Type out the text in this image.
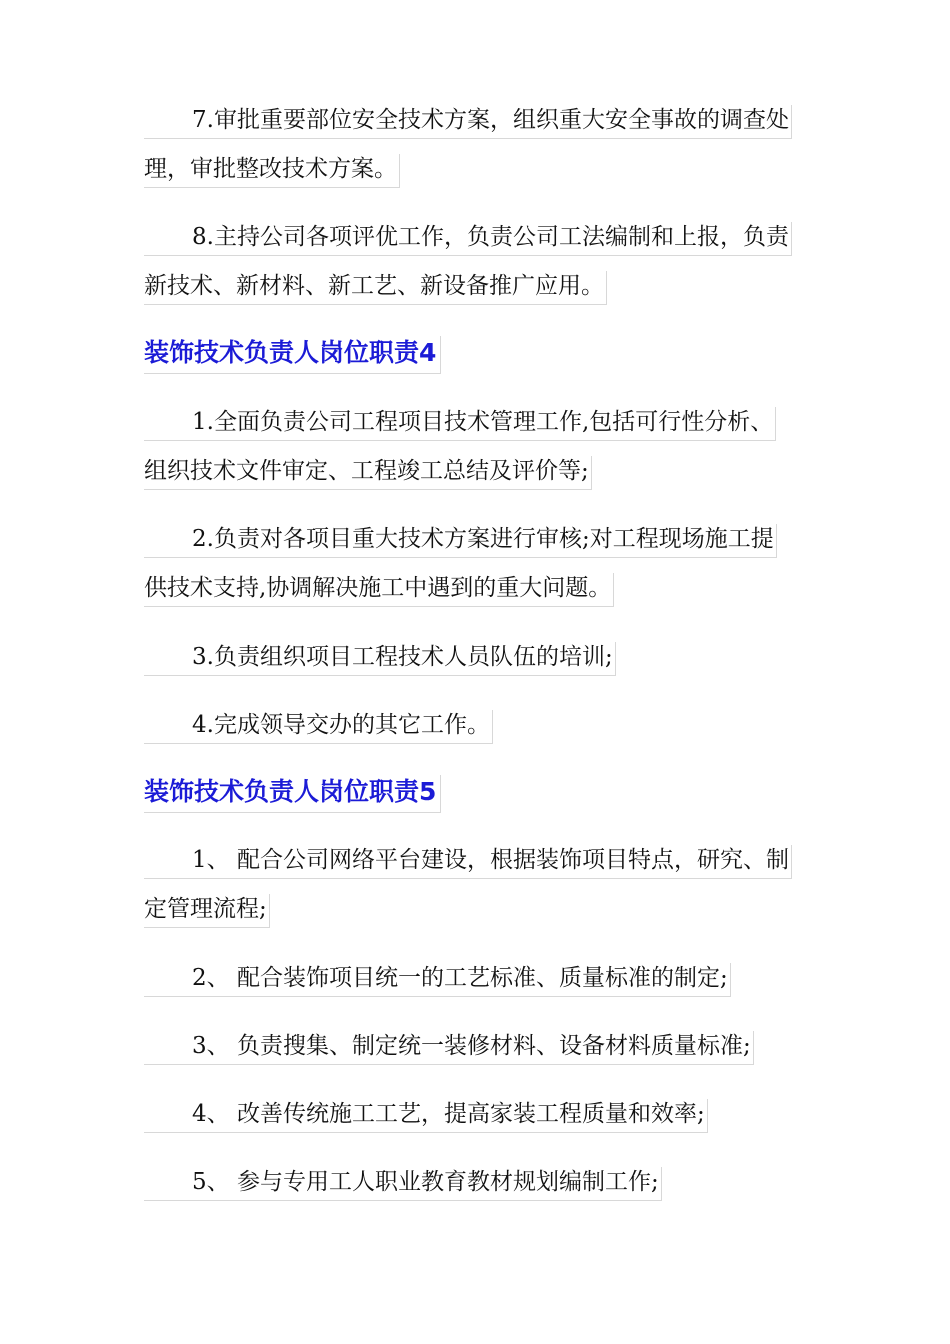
7.审批重要部位安全技术方案，组织重大安全事故的调查处
理，审批整改技术方案。
8.主持公司各项评优工作，负责公司工法编制和上报，负责
新技术、新材料、新工艺、新设备推广应用。
装饰技术负责人岗位职责4
1.全面负责公司工程项目技术管理工作,包括可行性分析、
组织技术文件审定、工程竣工总结及评价等;
2.负责对各项目重大技术方案进行审核;对工程现场施工提
供技术支持,协调解决施工中遇到的重大问题。
3.负责组织项目工程技术人员队伍的培训;
4.完成领导交办的其它工作。
装饰技术负责人岗位职责5
1、 配合公司网络平台建设，根据装饰项目特点，研究、制
定管理流程;
2、 配合装饰项目统一的工艺标准、质量标准的制定;
3、 负责搜集、制定统一装修材料、设备材料质量标准;
4、 改善传统施工工艺，提高家装工程质量和效率;
5、 参与专用工人职业教育教材规划编制工作;
